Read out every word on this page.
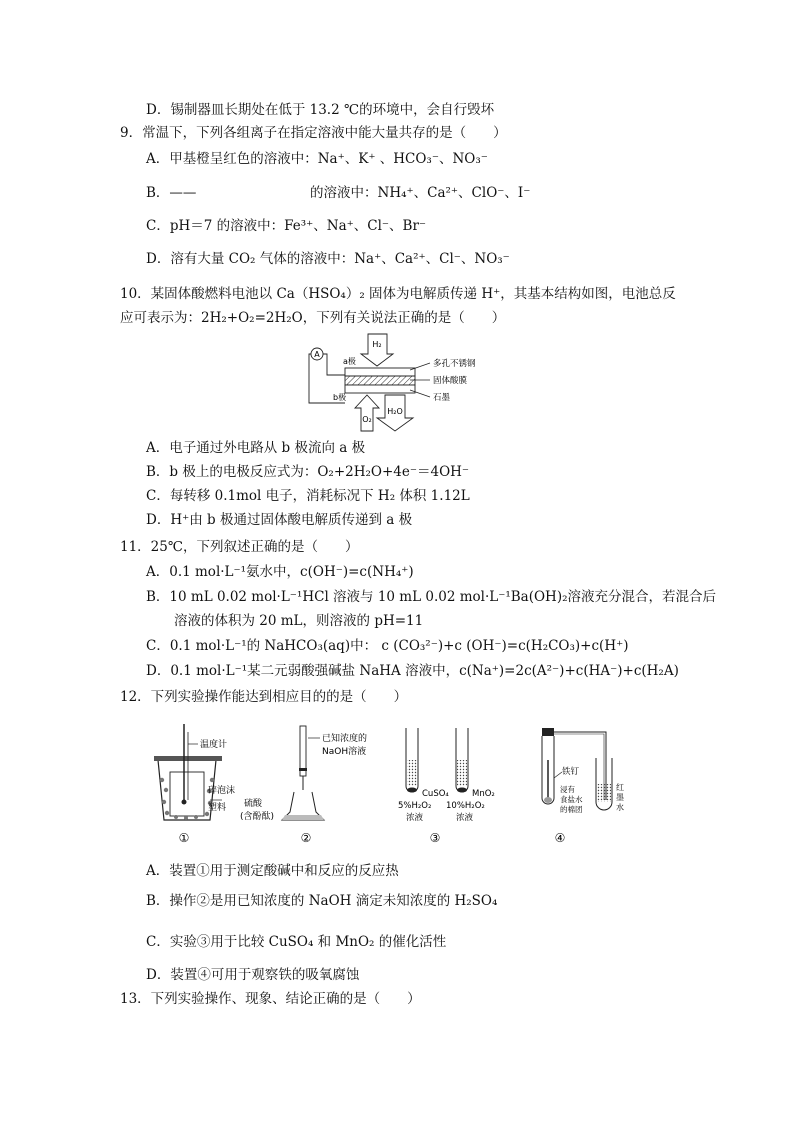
D．锡制器皿长期处在低于 13.2 ℃的环境中，会自行毁坏
9．常温下，下列各组离子在指定溶液中能大量共存的是（　　）
A．甲基橙呈红色的溶液中：Na⁺、K⁺ 、HCO₃⁻、NO₃⁻
B．——	的溶液中：NH₄⁺、Ca²⁺、ClO⁻、I⁻
C．pH＝7 的溶液中：Fe³⁺、Na⁺、Cl⁻、Br⁻
D．溶有大量 CO₂ 气体的溶液中：Na⁺、Ca²⁺、Cl⁻、NO₃⁻
10．某固体酸燃料电池以 Ca（HSO₄）₂ 固体为电解质传递 H⁺，其基本结构如图，电池总反
应可表示为：2H₂+O₂=2H₂O，下列有关说法正确的是（　　）
A
a极
b极
H₂
O₂
H₂O
多孔不锈钢
固体酸膜
石墨
A．电子通过外电路从 b 极流向 a 极
B．b 极上的电极反应式为：O₂+2H₂O+4e⁻＝4OH⁻
C．每转移 0.1mol 电子，消耗标况下 H₂ 体积 1.12L
D．H⁺由 b 极通过固体酸电解质传递到 a 极
11．25℃，下列叙述正确的是（　　）
A．0.1 mol·L⁻¹氨水中，c(OH⁻)=c(NH₄⁺)
B．10 mL 0.02 mol·L⁻¹HCl 溶液与 10 mL 0.02 mol·L⁻¹Ba(OH)₂溶液充分混合，若混合后
溶液的体积为 20 mL，则溶液的 pH=11
C．0.1 mol·L⁻¹的 NaHCO₃(aq)中： c (CO₃²⁻)+c (OH⁻)=c(H₂CO₃)+c(H⁺)
D．0.1 mol·L⁻¹某二元弱酸强碱盐 NaHA 溶液中，c(Na⁺)=2c(A²⁻)+c(HA⁻)+c(H₂A)
12．下列实验操作能达到相应目的的是（　　）
温度计
碎泡沫
塑料
①
已知浓度的
NaOH溶液
硫酸
(含酚酞)
②
CuSO₄	MnO₂
5%H₂O₂
浓液
10%H₂O₂
浓液
③
铁钉
浸有
食盐水
的棉团
红
墨
水
④
A．装置①用于测定酸碱中和反应的反应热
B．操作②是用已知浓度的 NaOH 滴定未知浓度的 H₂SO₄
C．实验③用于比较 CuSO₄ 和 MnO₂ 的催化活性
D．装置④可用于观察铁的吸氧腐蚀
13．下列实验操作、现象、结论正确的是（　　）
